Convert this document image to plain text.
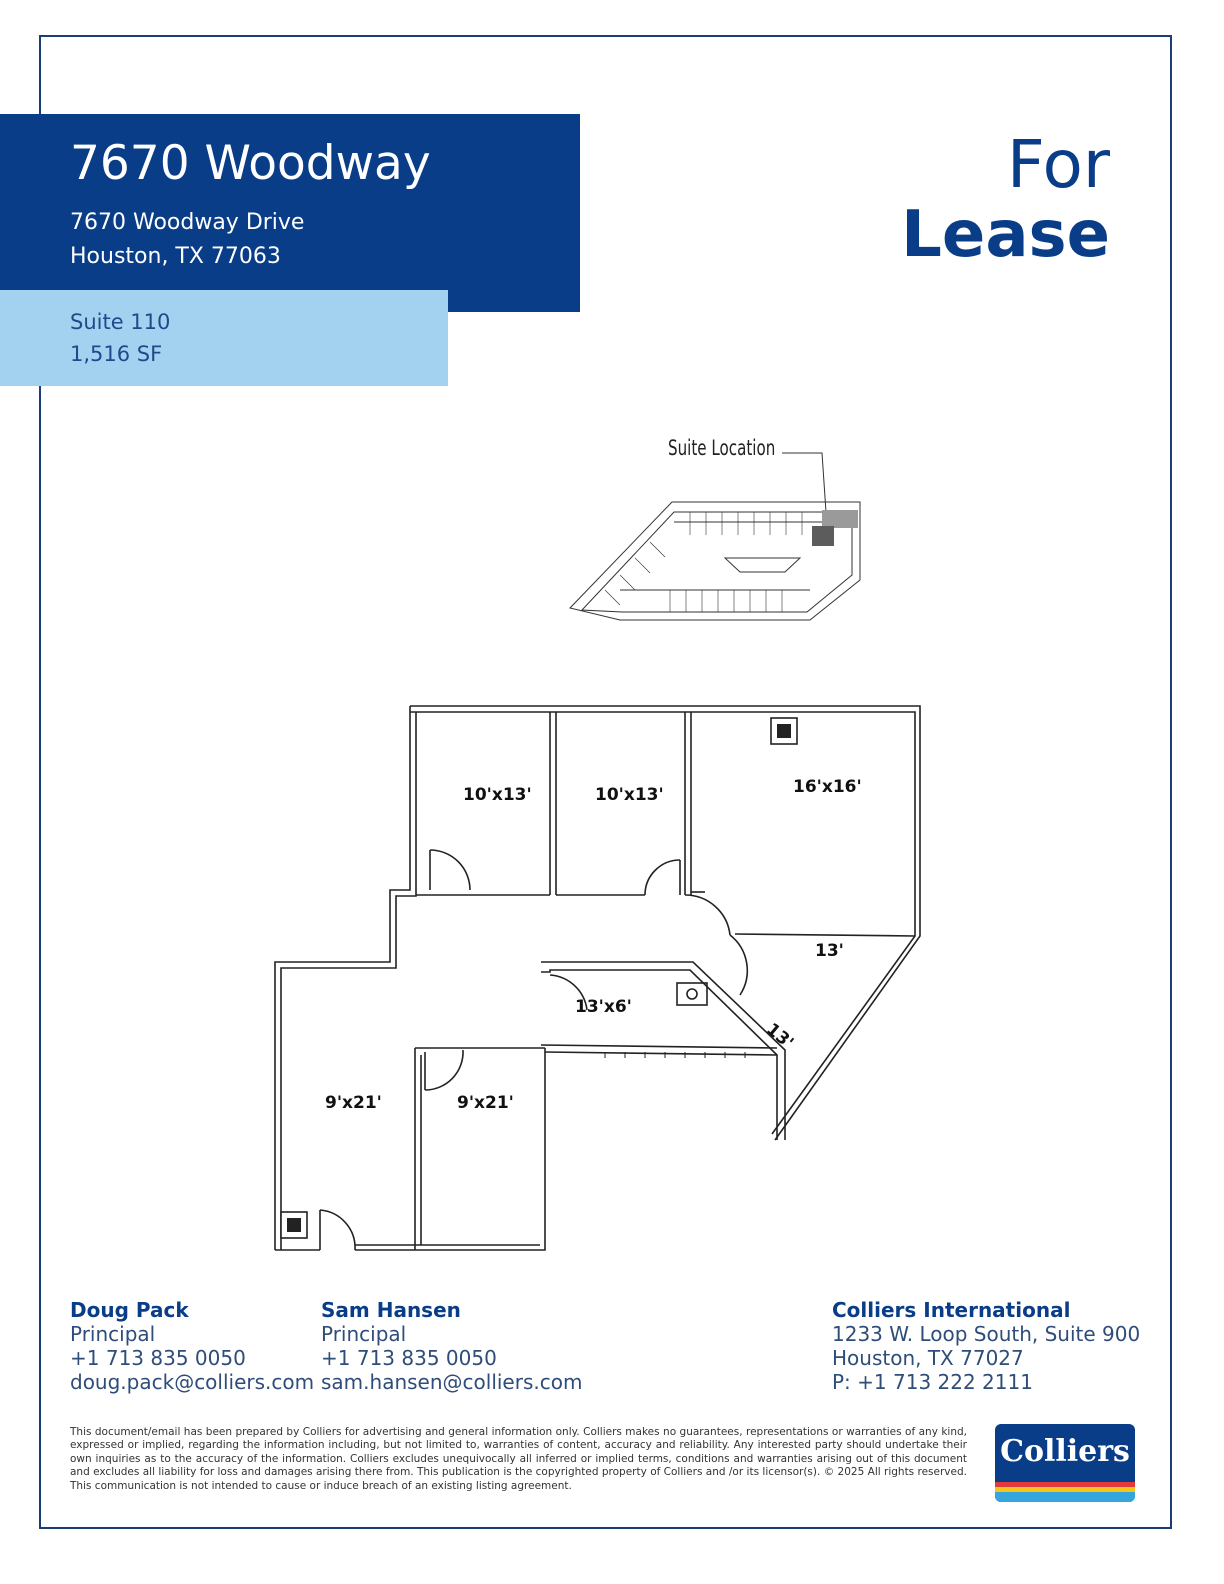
7670 Woodway
7670 Woodway Drive
Houston, TX 77063
Suite 110
1,516 SF
For
Lease
Suite Location
10'x13'	10'x13'	16'x16'
13'
13'x6'
13'
9'x21'	9'x21'
Doug Pack
Principal
+1 713 835 0050
doug.pack@colliers.com
Sam Hansen
Principal
+1 713 835 0050
sam.hansen@colliers.com
Colliers International
1233 W. Loop South, Suite 900
Houston, TX 77027
P: +1 713 222 2111
This document/email has been prepared by Colliers for advertising and general information only. Colliers makes no guarantees, representations or warranties of any kind, expressed or implied, regarding the information including, but not limited to, warranties of content, accuracy and reliability. Any interested party should undertake their own inquiries as to the accuracy of the information. Colliers excludes unequivocally all inferred or implied terms, conditions and warranties arising out of this document and excludes all liability for loss and damages arising there from. This publication is the copyrighted property of Colliers and /or its licensor(s). © 2025 All rights reserved. This communication is not intended to cause or induce breach of an existing listing agreement.
Colliers
